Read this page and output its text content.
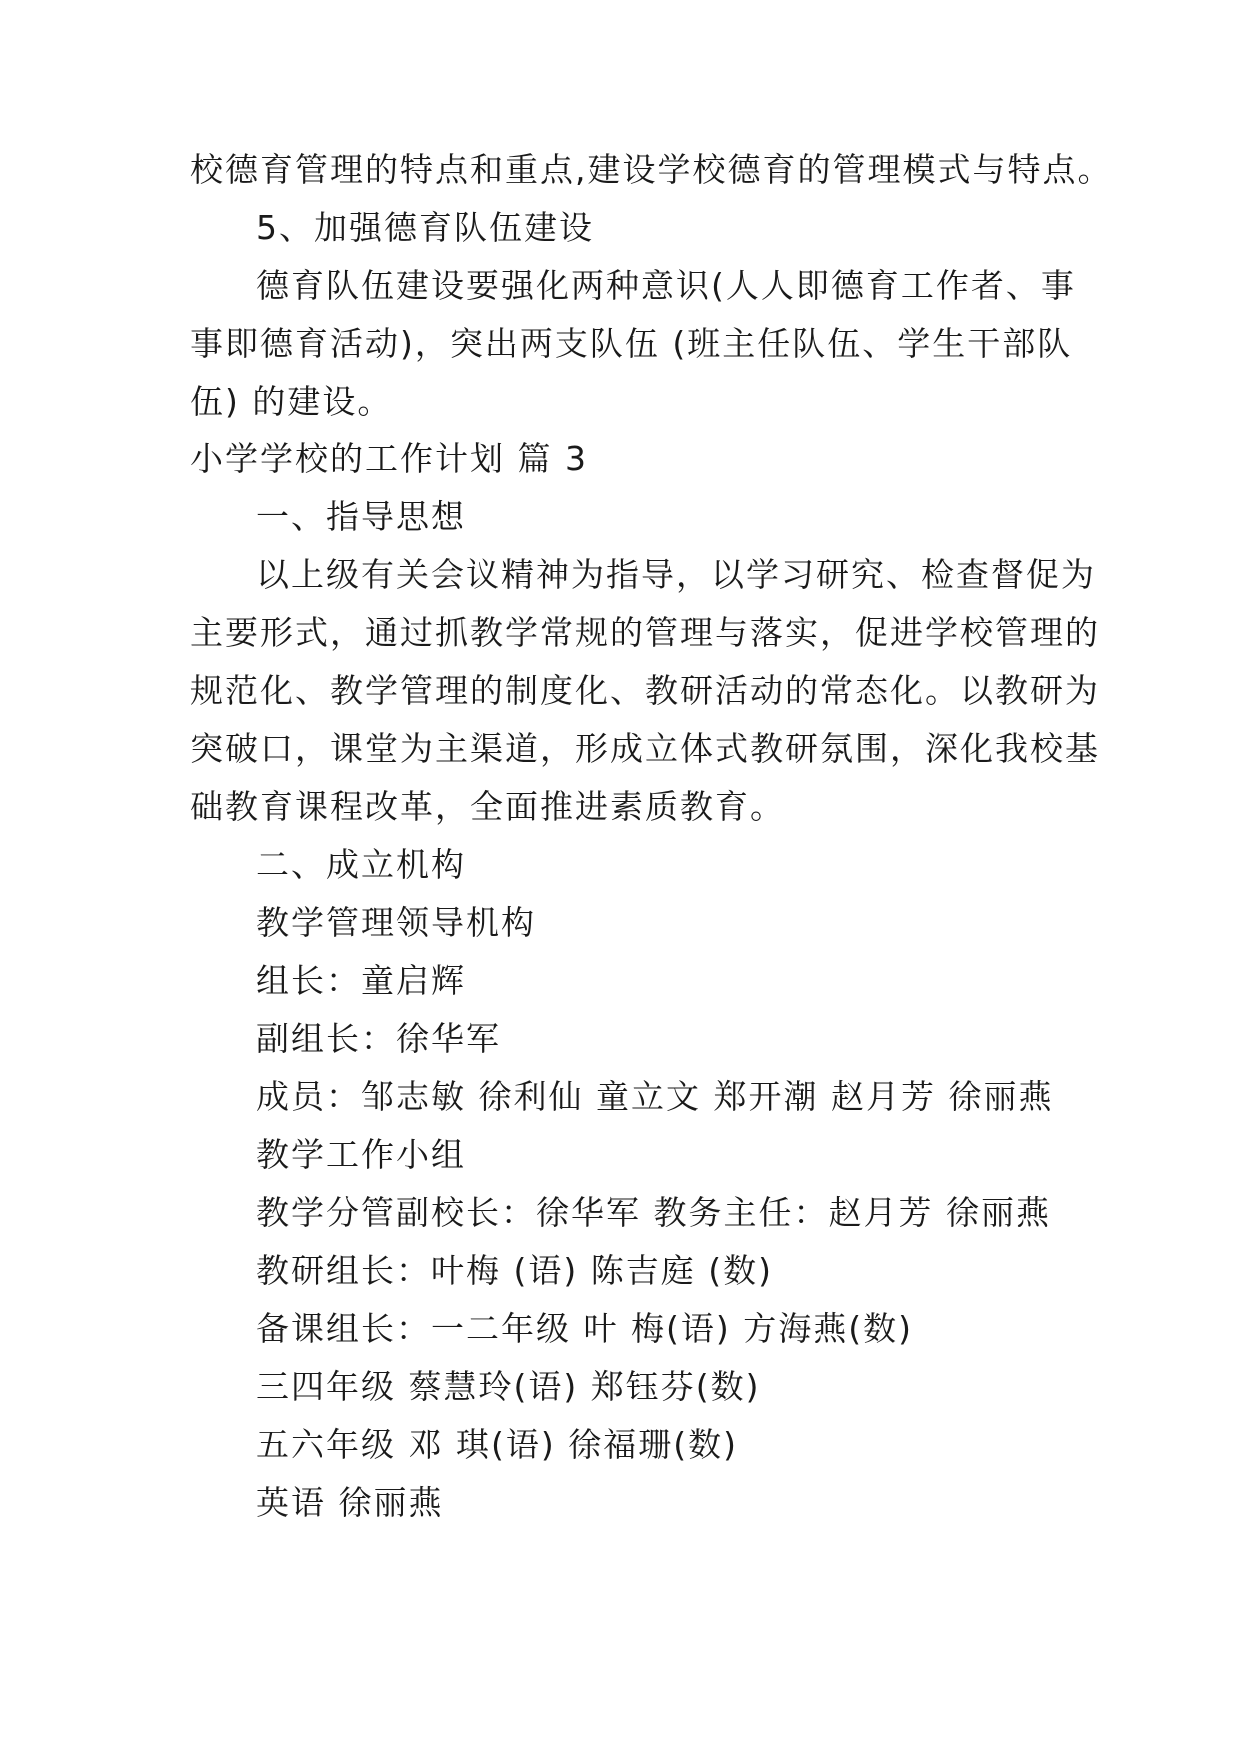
校德育管理的特点和重点,建设学校德育的管理模式与特点。
5、加强德育队伍建设
德育队伍建设要强化两种意识(人人即德育工作者、事
事即德育活动)，突出两支队伍 (班主任队伍、学生干部队
伍) 的建设。
小学学校的工作计划 篇 3
一、指导思想
以上级有关会议精神为指导，以学习研究、检查督促为
主要形式，通过抓教学常规的管理与落实，促进学校管理的
规范化、教学管理的制度化、教研活动的常态化。以教研为
突破口，课堂为主渠道，形成立体式教研氛围，深化我校基
础教育课程改革，全面推进素质教育。
二、成立机构
教学管理领导机构
组长：童启辉
副组长：徐华军
成员：邹志敏 徐利仙 童立文 郑开潮 赵月芳 徐丽燕
教学工作小组
教学分管副校长：徐华军 教务主任：赵月芳 徐丽燕
教研组长：叶梅 (语) 陈吉庭 (数)
备课组长：一二年级 叶 梅(语) 方海燕(数)
三四年级 蔡慧玲(语) 郑钰芬(数)
五六年级 邓 琪(语) 徐福珊(数)
英语 徐丽燕
